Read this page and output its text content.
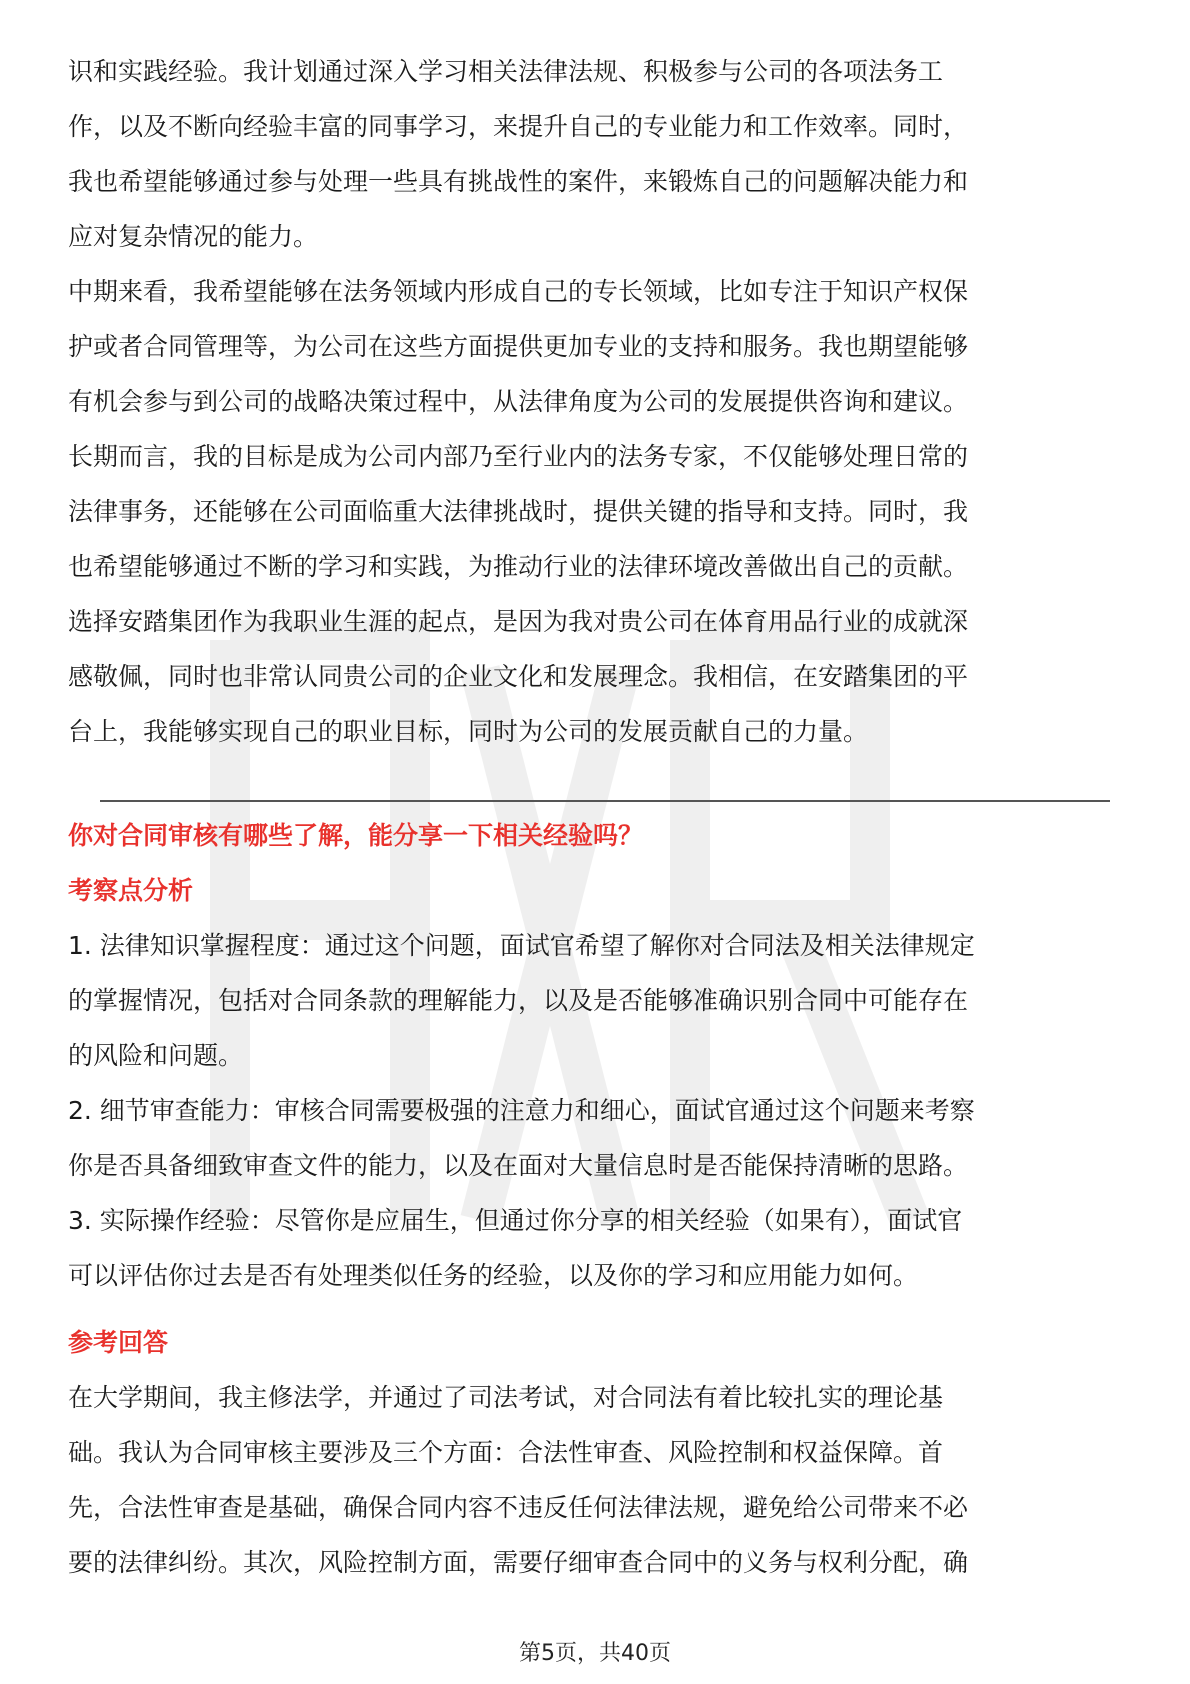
识和实践经验。我计划通过深入学习相关法律法规、积极参与公司的各项法务工
作，以及不断向经验丰富的同事学习，来提升自己的专业能力和工作效率。同时，
我也希望能够通过参与处理一些具有挑战性的案件，来锻炼自己的问题解决能力和
应对复杂情况的能力。
中期来看，我希望能够在法务领域内形成自己的专长领域，比如专注于知识产权保
护或者合同管理等，为公司在这些方面提供更加专业的支持和服务。我也期望能够
有机会参与到公司的战略决策过程中，从法律角度为公司的发展提供咨询和建议。
长期而言，我的目标是成为公司内部乃至行业内的法务专家，不仅能够处理日常的
法律事务，还能够在公司面临重大法律挑战时，提供关键的指导和支持。同时，我
也希望能够通过不断的学习和实践，为推动行业的法律环境改善做出自己的贡献。
选择安踏集团作为我职业生涯的起点，是因为我对贵公司在体育用品行业的成就深
感敬佩，同时也非常认同贵公司的企业文化和发展理念。我相信，在安踏集团的平
台上，我能够实现自己的职业目标，同时为公司的发展贡献自己的力量。
你对合同审核有哪些了解，能分享一下相关经验吗？
考察点分析
1. 法律知识掌握程度：通过这个问题，面试官希望了解你对合同法及相关法律规定
的掌握情况，包括对合同条款的理解能力，以及是否能够准确识别合同中可能存在
的风险和问题。
2. 细节审查能力：审核合同需要极强的注意力和细心，面试官通过这个问题来考察
你是否具备细致审查文件的能力，以及在面对大量信息时是否能保持清晰的思路。
3. 实际操作经验：尽管你是应届生，但通过你分享的相关经验（如果有），面试官
可以评估你过去是否有处理类似任务的经验，以及你的学习和应用能力如何。
参考回答
在大学期间，我主修法学，并通过了司法考试，对合同法有着比较扎实的理论基
础。我认为合同审核主要涉及三个方面：合法性审查、风险控制和权益保障。首
先，合法性审查是基础，确保合同内容不违反任何法律法规，避免给公司带来不必
要的法律纠纷。其次，风险控制方面，需要仔细审查合同中的义务与权利分配，确
第5页，共40页
